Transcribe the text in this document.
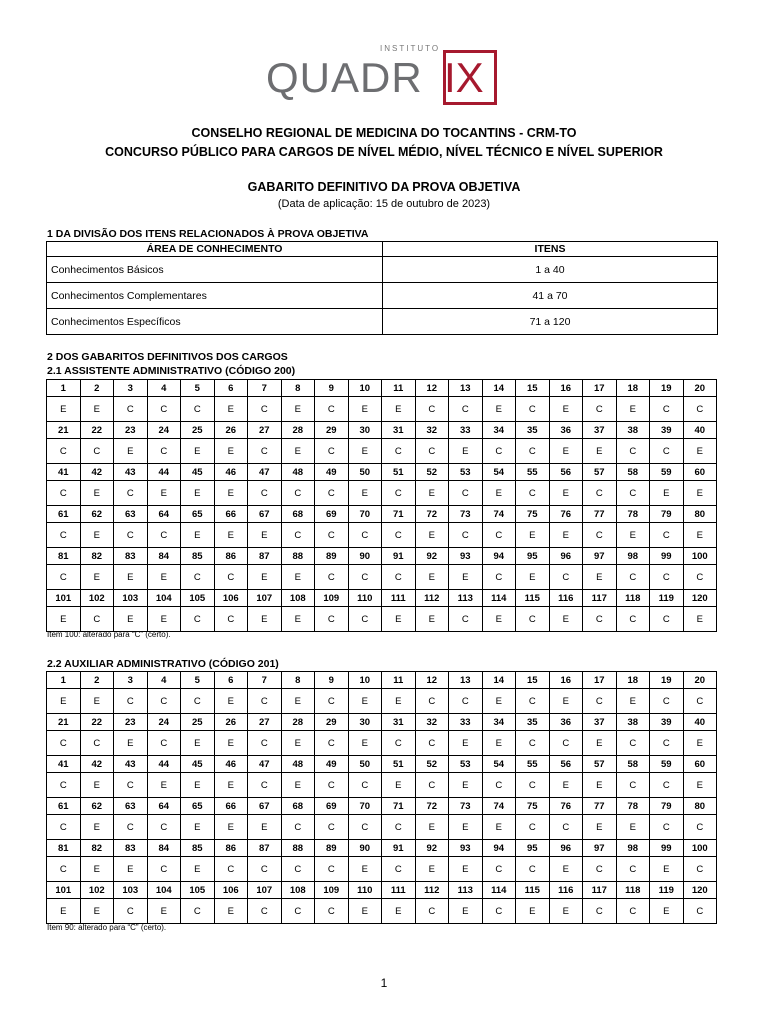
INSTITUTO
QUADR IX
CONSELHO REGIONAL DE MEDICINA DO TOCANTINS - CRM-TO
CONCURSO PÚBLICO PARA CARGOS DE NÍVEL MÉDIO, NÍVEL TÉCNICO E NÍVEL SUPERIOR
GABARITO DEFINITIVO DA PROVA OBJETIVA
(Data de aplicação: 15 de outubro de 2023)
1 DA DIVISÃO DOS ITENS RELACIONADOS À PROVA OBJETIVA
ÁREA DE CONHECIMENTO	ITENS
Conhecimentos Básicos	1 a 40
Conhecimentos Complementares	41 a 70
Conhecimentos Específicos	71 a 120
2 DOS GABARITOS DEFINITIVOS DOS CARGOS
2.1 ASSISTENTE ADMINISTRATIVO (CÓDIGO 200)
1	2	3	4	5	6	7	8	9	10	11	12	13	14	15	16	17	18	19	20
E	E	C	C	C	E	C	E	C	E	E	C	C	E	C	E	C	E	C	C
21	22	23	24	25	26	27	28	29	30	31	32	33	34	35	36	37	38	39	40
C	C	E	C	E	E	C	E	C	E	C	C	E	C	C	E	E	C	C	E
41	42	43	44	45	46	47	48	49	50	51	52	53	54	55	56	57	58	59	60
C	E	C	E	E	E	C	C	C	E	C	E	C	E	C	E	C	C	E	E
61	62	63	64	65	66	67	68	69	70	71	72	73	74	75	76	77	78	79	80
C	E	C	C	E	E	E	C	C	C	C	E	C	C	E	E	C	E	C	E
81	82	83	84	85	86	87	88	89	90	91	92	93	94	95	96	97	98	99	100
C	E	E	E	C	C	E	E	C	C	C	E	E	C	E	C	E	C	C	C
101	102	103	104	105	106	107	108	109	110	111	112	113	114	115	116	117	118	119	120
E	C	E	E	C	C	E	E	C	C	E	E	C	E	C	E	C	C	C	E
Item 100: alterado para “C” (certo).
2.2 AUXILIAR ADMINISTRATIVO (CÓDIGO 201)
1	2	3	4	5	6	7	8	9	10	11	12	13	14	15	16	17	18	19	20
E	E	C	C	C	E	C	E	C	E	E	C	C	E	C	E	C	E	C	C
21	22	23	24	25	26	27	28	29	30	31	32	33	34	35	36	37	38	39	40
C	C	E	C	E	E	C	E	C	E	C	C	E	E	C	C	E	C	C	E
41	42	43	44	45	46	47	48	49	50	51	52	53	54	55	56	57	58	59	60
C	E	C	E	E	E	C	E	C	C	E	C	E	C	C	E	E	C	C	E
61	62	63	64	65	66	67	68	69	70	71	72	73	74	75	76	77	78	79	80
C	E	C	C	E	E	E	C	C	C	C	E	E	E	C	C	E	E	C	C
81	82	83	84	85	86	87	88	89	90	91	92	93	94	95	96	97	98	99	100
C	E	E	C	E	C	C	C	C	E	C	E	E	C	C	E	C	C	E	C
101	102	103	104	105	106	107	108	109	110	111	112	113	114	115	116	117	118	119	120
E	E	C	E	C	E	C	C	C	E	E	C	E	C	E	E	C	C	E	C
Item 90: alterado para “C” (certo).
1
